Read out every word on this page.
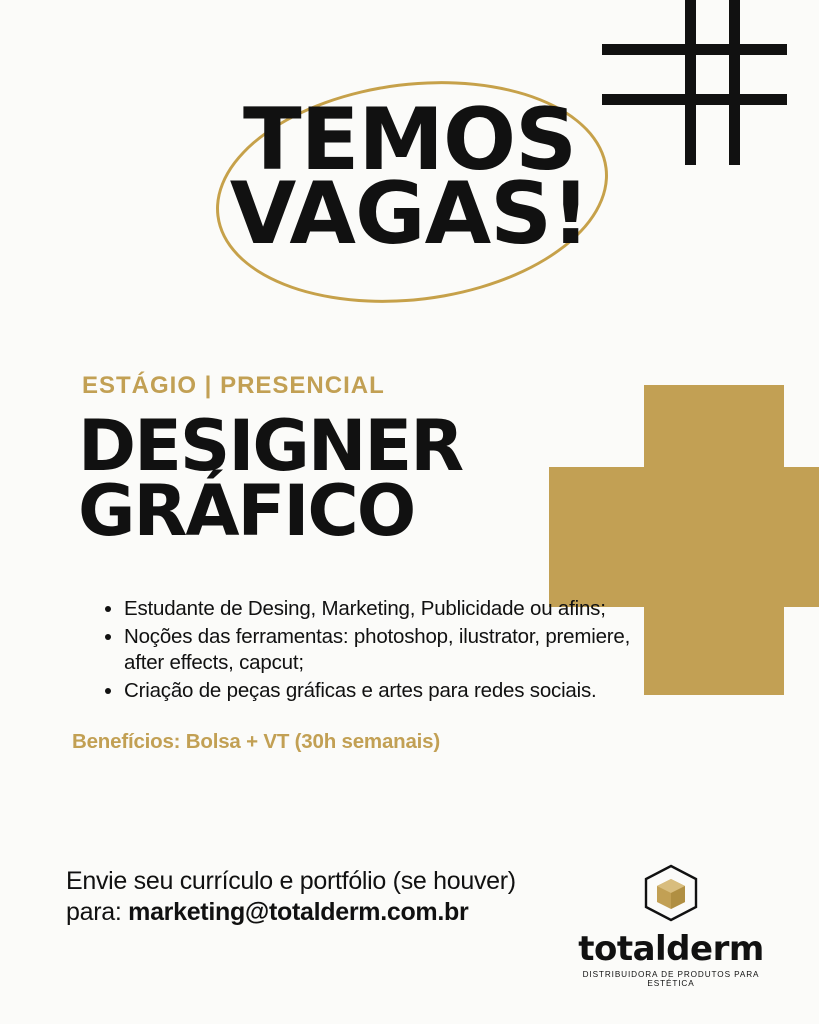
TEMOS
VAGAS!
ESTÁGIO | PRESENCIAL
DESIGNER
GRÁFICO
• Estudante de Desing, Marketing, Publicidade ou afins;
• Noções das ferramentas: photoshop, ilustrator, premiere, after effects, capcut;
• Criação de peças gráficas e artes para redes sociais.
Benefícios: Bolsa + VT (30h semanais)
Envie seu currículo e portfólio (se houver)
para: marketing@totalderm.com.br
totalderm
DISTRIBUIDORA DE PRODUTOS PARA ESTÉTICA
